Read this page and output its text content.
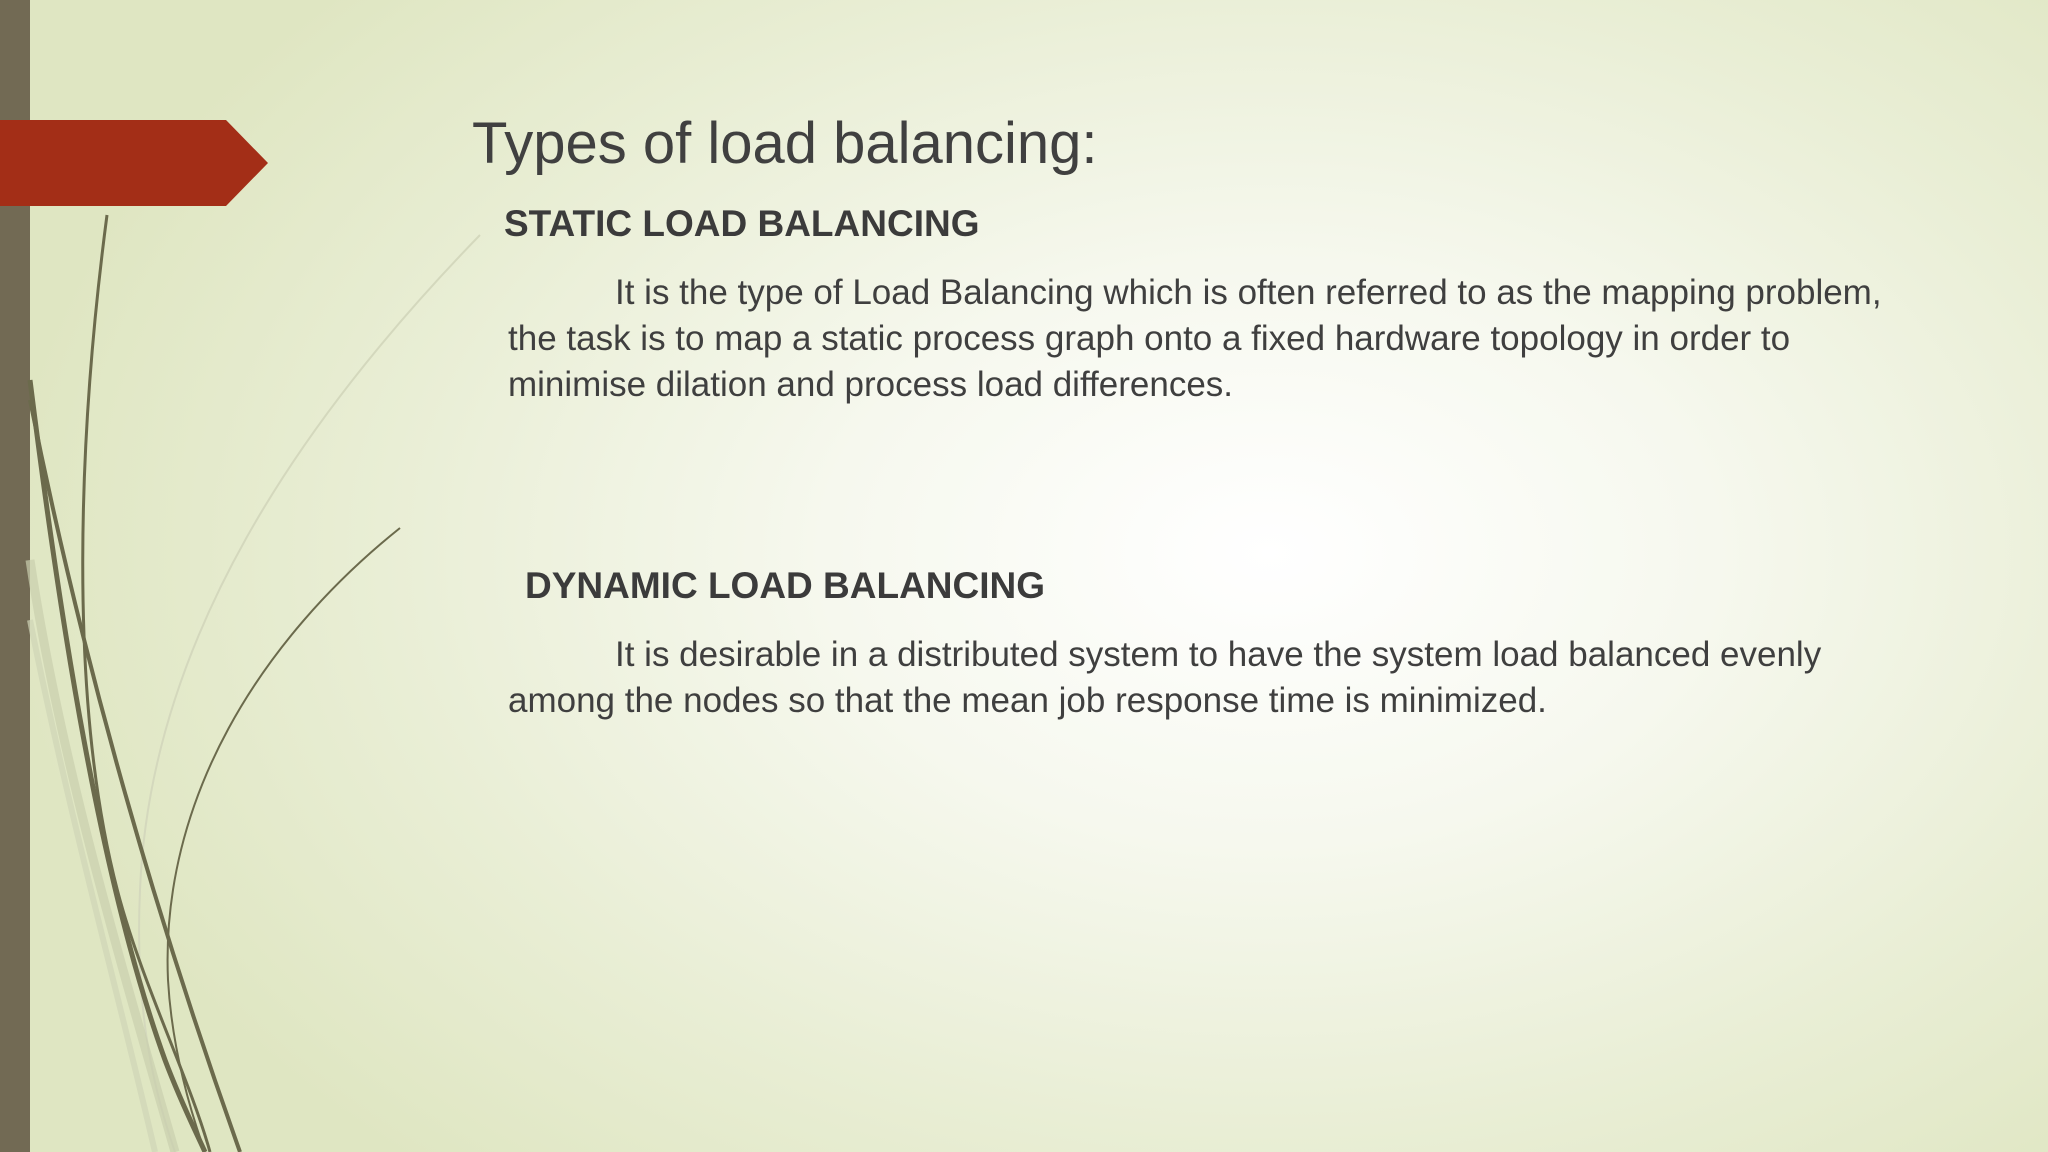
Types of load balancing:
STATIC LOAD BALANCING

It is the type of Load Balancing which is often referred to as the mapping problem, the task is to map a static process graph onto a fixed hardware topology in order to minimise dilation and process load differences.

DYNAMIC LOAD BALANCING

It is desirable in a distributed system to have the system load balanced evenly among the nodes so that the mean job response time is minimized.
